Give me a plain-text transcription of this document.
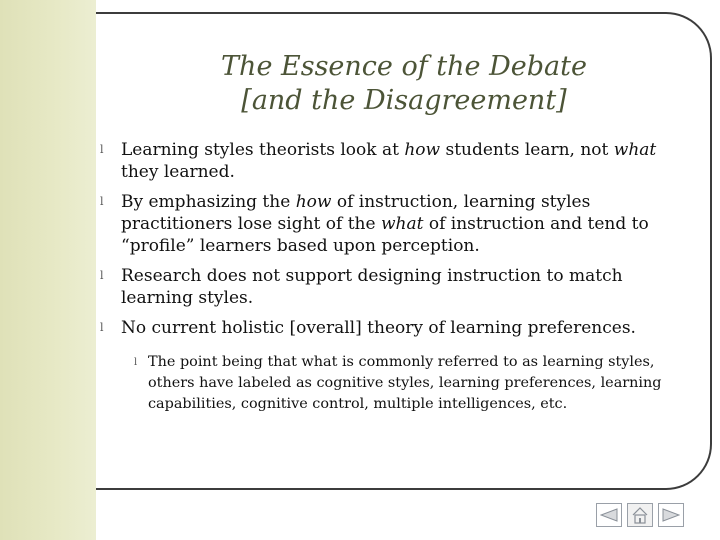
The Essence of the Debate
[and the Disagreement]
l Learning styles theorists look at how students learn, not what they learned.
l By emphasizing the how of instruction, learning styles practitioners lose sight of the what of instruction and tend to “profile” learners based upon perception.
l Research does not support designing instruction to match learning styles.
l No current holistic [overall] theory of learning preferences.
l The point being that what is commonly referred to as learning styles, others have labeled as cognitive styles, learning preferences, learning capabilities, cognitive control, multiple intelligences, etc.
